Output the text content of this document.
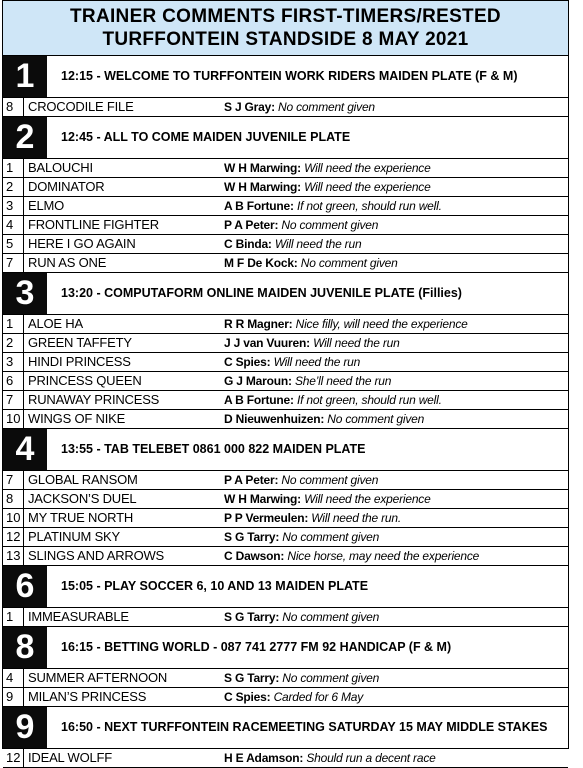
TRAINER COMMENTS FIRST-TIMERS/RESTED
TURFFONTEIN STANDSIDE 8 MAY 2021
1	12:15 - WELCOME TO TURFFONTEIN WORK RIDERS MAIDEN PLATE (F & M)
8	CROCODILE FILE	S J Gray: No comment given
2	12:45 - ALL TO COME MAIDEN JUVENILE PLATE
1	BALOUCHI	W H Marwing: Will need the experience
2	DOMINATOR	W H Marwing: Will need the experience
3	ELMO	A B Fortune: If not green, should run well.
4	FRONTLINE FIGHTER	P A Peter: No comment given
5	HERE I GO AGAIN	C Binda: Will need the run
7	RUN AS ONE	M F De Kock: No comment given
3	13:20 - COMPUTAFORM ONLINE MAIDEN JUVENILE PLATE (Fillies)
1	ALOE HA	R R Magner: Nice filly, will need the experience
2	GREEN TAFFETY	J J van Vuuren: Will need the run
3	HINDI PRINCESS	C Spies: Will need the run
6	PRINCESS QUEEN	G J Maroun: She’ll need the run
7	RUNAWAY PRINCESS	A B Fortune: If not green, should run well.
10 WINGS OF NIKE	D Nieuwenhuizen: No comment given
4	13:55 - TAB TELEBET 0861 000 822 MAIDEN PLATE
7	GLOBAL RANSOM	P A Peter: No comment given
8	JACKSON’S DUEL	W H Marwing: Will need the experience
10 MY TRUE NORTH	P P Vermeulen: Will need the run.
12 PLATINUM SKY	S G Tarry: No comment given
13 SLINGS AND ARROWS	C Dawson: Nice horse, may need the experience
6	15:05 - PLAY SOCCER 6, 10 AND 13 MAIDEN PLATE
1	IMMEASURABLE	S G Tarry: No comment given
8	16:15 - BETTING WORLD - 087 741 2777 FM 92 HANDICAP (F & M)
4	SUMMER AFTERNOON	S G Tarry: No comment given
9	MILAN’S PRINCESS	C Spies: Carded for 6 May
9	16:50 - NEXT TURFFONTEIN RACEMEETING SATURDAY 15 MAY MIDDLE STAKES
12 IDEAL WOLFF	H E Adamson: Should run a decent race
